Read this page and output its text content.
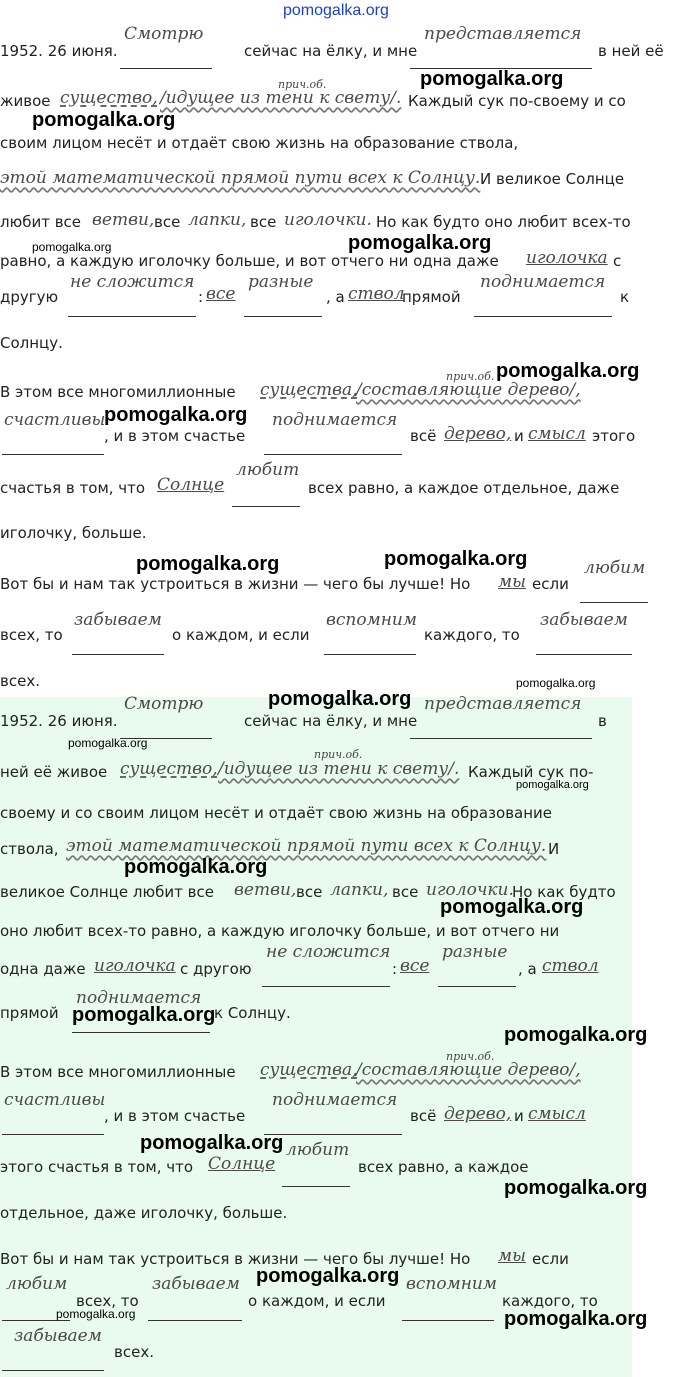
pomogalka.org
1952. 26 июня.
Смотрю
сейчас на ёлку, и мне
представляется
в ней её
прич.об.
живое существо, /идущее из тени к свету/. Каждый сук по-своему и со
своим лицом несёт и отдаёт свою жизнь на образование ствола,
этой математической прямой пути всех к Солнцу. И великое Солнце
любит все ветви, все лапки, все иголочки. Но как будто оно любит всех-то
равно, а каждую иголочку больше, и вот отчего ни одна даже иголочка с
другую
не сложится
: все
разные
, а ствол
прямой
поднимается
к
Солнцу.
прич.об.
В этом все многомиллионные существа,
/составляющие дерево/,
счастливы
, и в этом счастье
поднимается
всё дерево, и смысл этого
счастья в том, что Солнце
любит
всех равно, а каждое отдельное, даже
иголочку, больше.
Вот бы и нам так устроиться в жизни — чего бы лучше! Но мы если
любим
всех, то
забываем
о каждом, и если
вспомним
каждого, то
забываем
всех.
1952. 26 июня.
Смотрю
сейчас на ёлку, и мне
представляется
в
прич.об.
ней её живое существо, /идущее из тени к свету/. Каждый сук по-
своему и со своим лицом несёт и отдаёт свою жизнь на образование
ствола, этой математической прямой пути всех к Солнцу. И
великое Солнце любит все ветви, все лапки, все иголочки.
Но как будто
оно любит всех-то равно, а каждую иголочку больше, и вот отчего ни
одна даже иголочка с другою
не сложится
: все
разные
, а ствол
прямой
поднимается
к Солнцу.
прич.об.
В этом все многомиллионные существа,
/составляющие дерево/,
счастливы
, и в этом счастье
поднимается
всё дерево, и смысл
этого счастья в том, что Солнце
любит
всех равно, а каждое
отдельное, даже иголочку, больше.
Вот бы и нам так устроиться в жизни — чего бы лучше! Но мы если
любим
всех, то
забываем
о каждом, и если
вспомним
каждого, то
забываем
всех.
pomogalka.org
pomogalka.org
pomogalka.org	pomogalka.org
pomogalka.org
pomogalka.org
pomogalka.org	pomogalka.org
pomogalka.org
pomogalka.org
pomogalka.org
pomogalka.org
pomogalka.org
pomogalka.org
pomogalka.org
pomogalka.org
pomogalka.org
pomogalka.org
pomogalka.org
pomogalka.org	pomogalka.org
